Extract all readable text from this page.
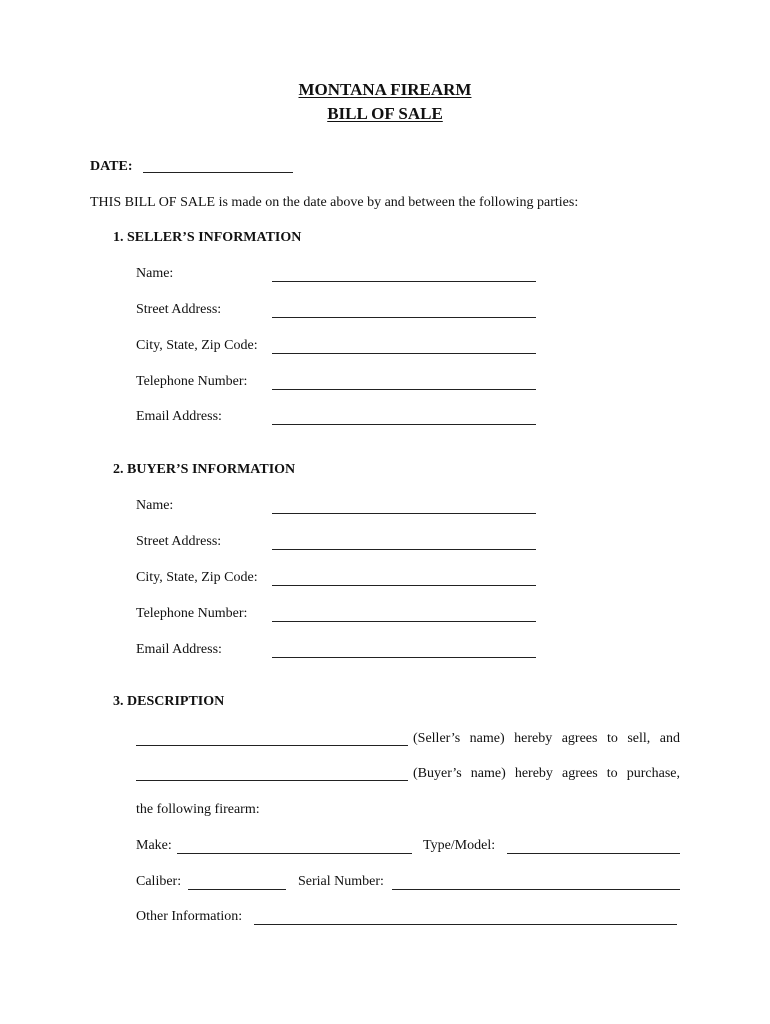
MONTANA FIREARM
BILL OF SALE
DATE:
THIS BILL OF SALE is made on the date above by and between the following parties:
1. SELLER’S INFORMATION
Name:
Street Address:
City, State, Zip Code:
Telephone Number:
Email Address:
2. BUYER’S INFORMATION
Name:
Street Address:
City, State, Zip Code:
Telephone Number:
Email Address:
3. DESCRIPTION
(Seller’s name) hereby agrees to sell, and
(Buyer’s name) hereby agrees to purchase,
the following firearm:
Make:	Type/Model:
Caliber:	Serial Number:
Other Information:
